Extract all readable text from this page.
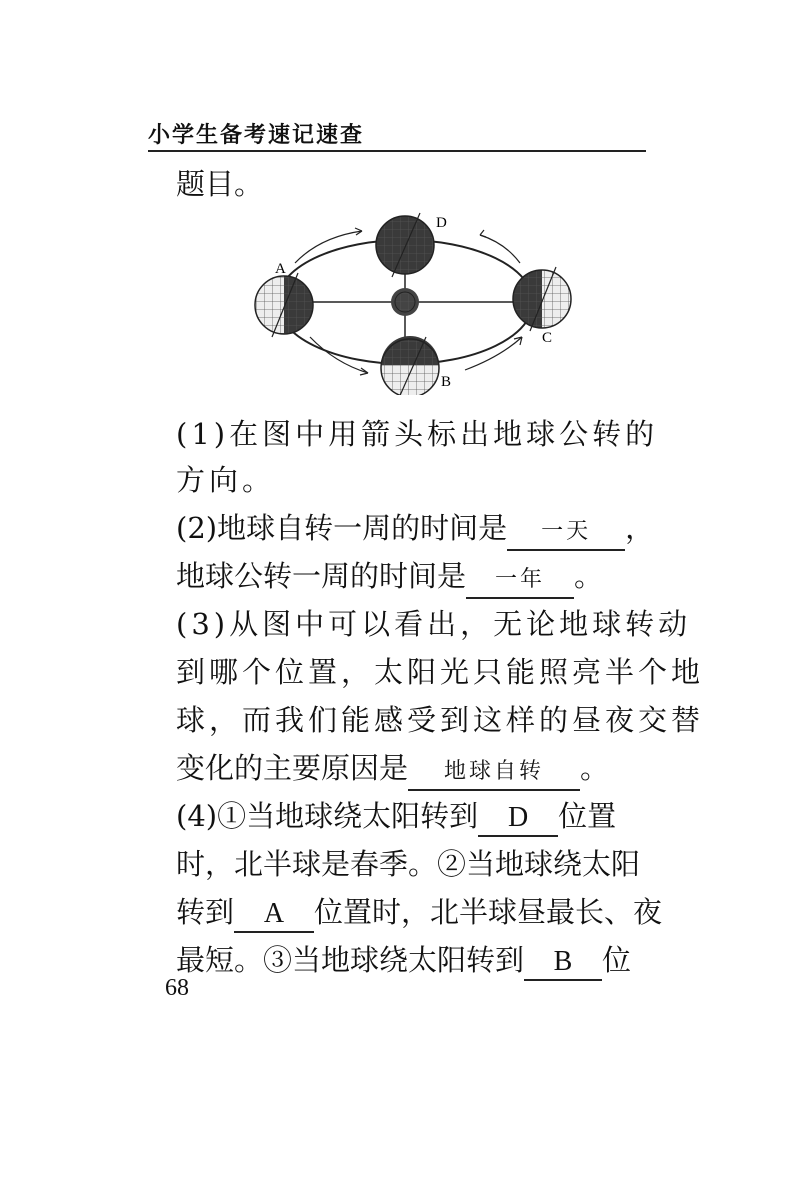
小学生备考速记速查
题目。
D
A
C
B
(1)在图中用箭头标出地球公转的
方向。
(2)地球自转一周的时间是 一天 ，
地球公转一周的时间是 一年 。
(3)从图中可以看出，无论地球转动
到哪个位置，太阳光只能照亮半个地
球，而我们能感受到这样的昼夜交替
变化的主要原因是 地球自转 。
(4)①当地球绕太阳转到 D 位置
时，北半球是春季。②当地球绕太阳
转到 A 位置时，北半球昼最长、夜
最短。③当地球绕太阳转到 B 位
68
